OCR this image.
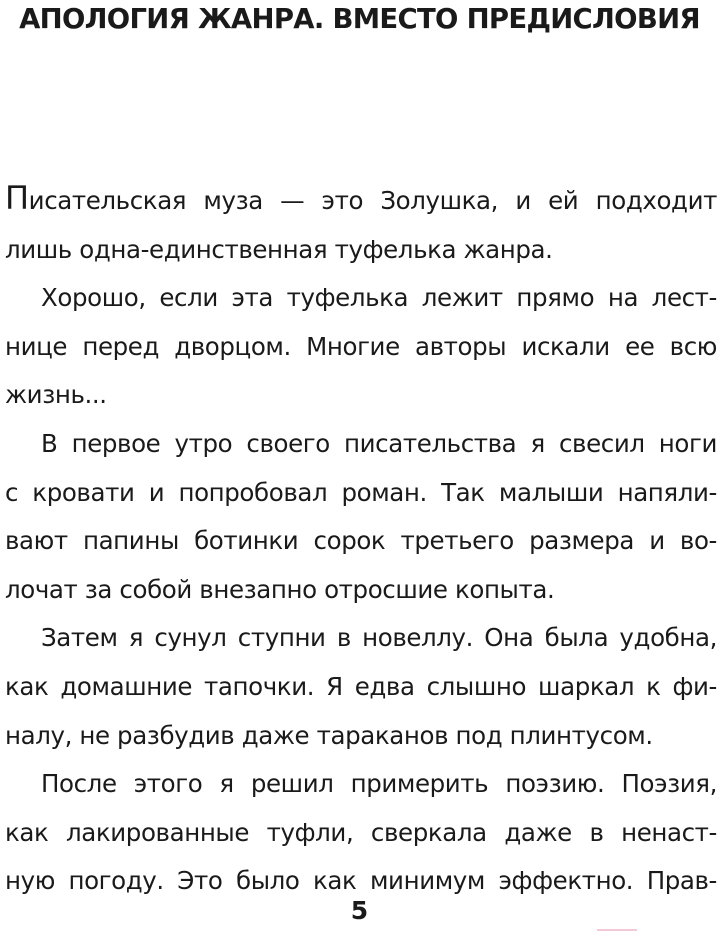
АПОЛОГИЯ ЖАНРА. ВМЕСТО ПРЕДИСЛОВИЯ
Писательская муза — это Золушка, и ей подходит
лишь одна-единственная туфелька жанра.
Хорошо, если эта туфелька лежит прямо на лест-
нице перед дворцом. Многие авторы искали ее всю
жизнь...
В первое утро своего писательства я свесил ноги
с кровати и попробовал роман. Так малыши напяли-
вают папины ботинки сорок третьего размера и во-
лочат за собой внезапно отросшие копыта.
Затем я сунул ступни в новеллу. Она была удобна,
как домашние тапочки. Я едва слышно шаркал к фи-
налу, не разбудив даже тараканов под плинтусом.
После этого я решил примерить поэзию. Поэзия,
как лакированные туфли, сверкала даже в ненаст-
ную погоду. Это было как минимум эффектно. Прав-
5
